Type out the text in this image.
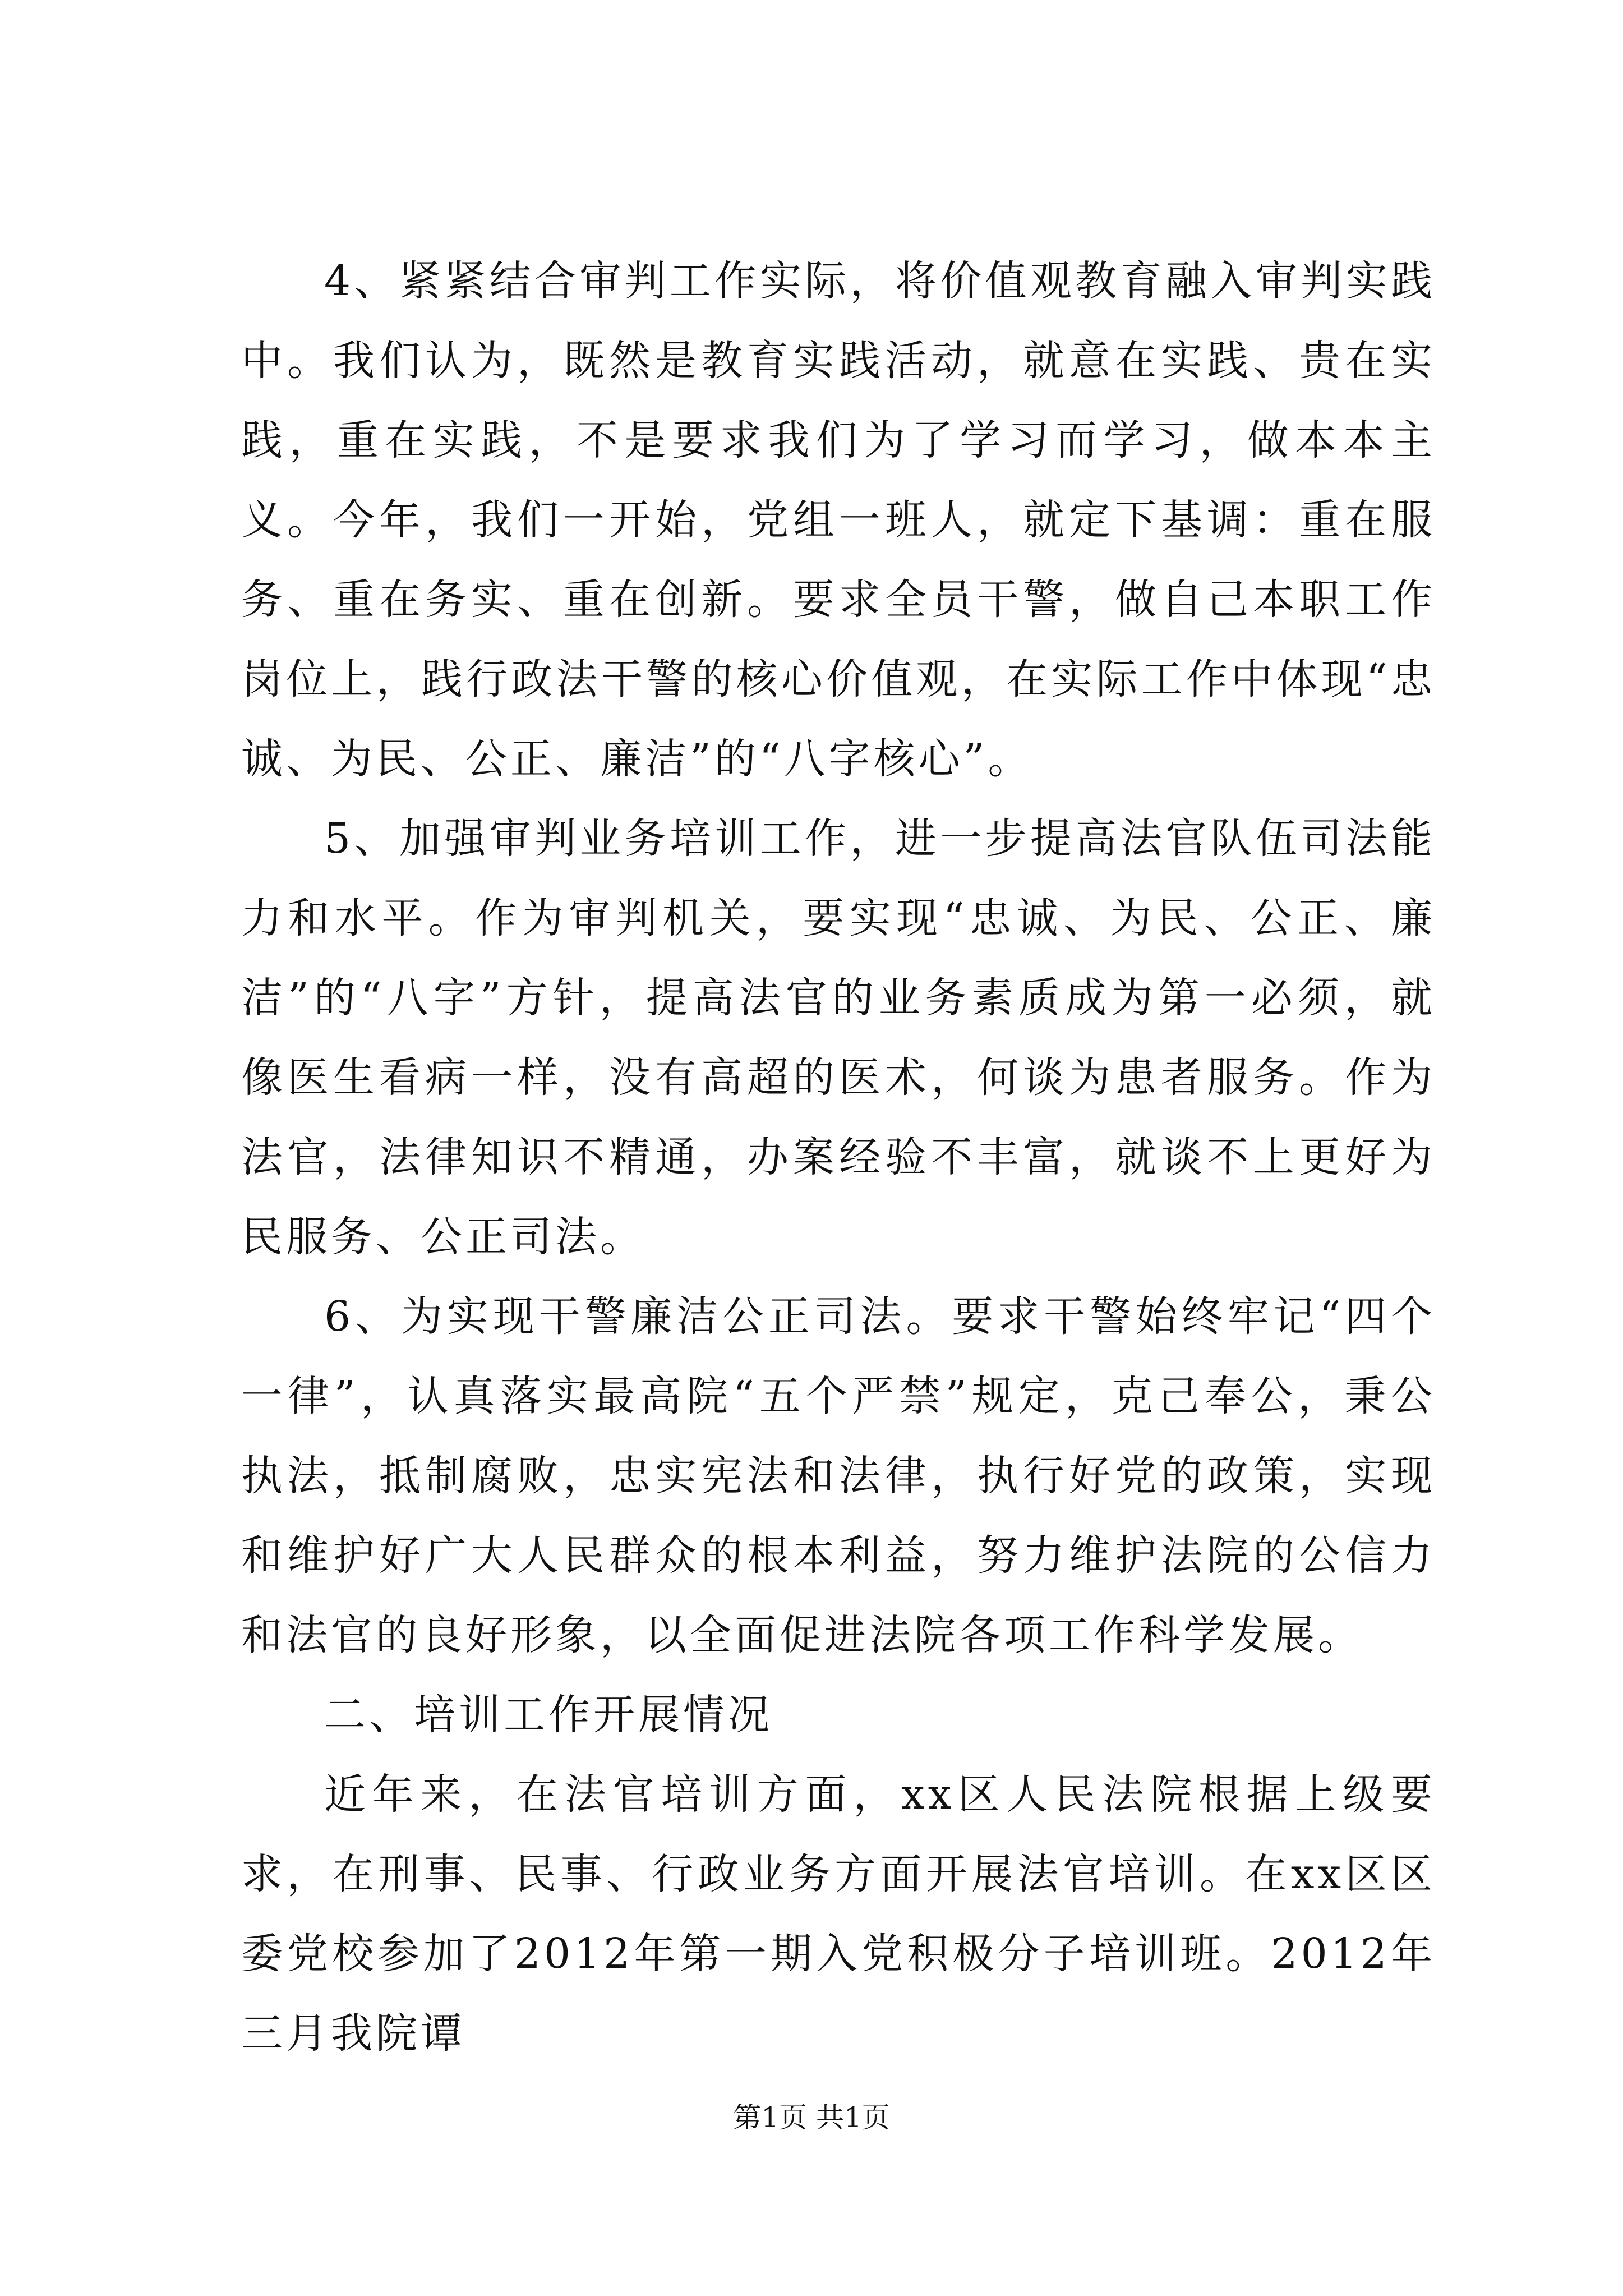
4、紧紧结合审判工作实际，将价值观教育融入审判实践中。我们认为，既然是教育实践活动，就意在实践、贵在实践，重在实践，不是要求我们为了学习而学习，做本本主义。今年，我们一开始，党组一班人，就定下基调：重在服务、重在务实、重在创新。要求全员干警，做自己本职工作岗位上，践行政法干警的核心价值观，在实际工作中体现“忠诚、为民、公正、廉洁”的“八字核心”。

5、加强审判业务培训工作，进一步提高法官队伍司法能力和水平。作为审判机关，要实现“忠诚、为民、公正、廉洁”的“八字”方针，提高法官的业务素质成为第一必须，就像医生看病一样，没有高超的医术，何谈为患者服务。作为法官，法律知识不精通，办案经验不丰富，就谈不上更好为民服务、公正司法。

6、为实现干警廉洁公正司法。要求干警始终牢记“四个一律”，认真落实最高院“五个严禁”规定，克己奉公，秉公执法，抵制腐败，忠实宪法和法律，执行好党的政策，实现和维护好广大人民群众的根本利益，努力维护法院的公信力和法官的良好形象，以全面促进法院各项工作科学发展。

二、培训工作开展情况

近年来，在法官培训方面，xx区人民法院根据上级要求，在刑事、民事、行政业务方面开展法官培训。在xx区区委党校参加了2012年第一期入党积极分子培训班。2012年三月我院谭

第1页 共1页
